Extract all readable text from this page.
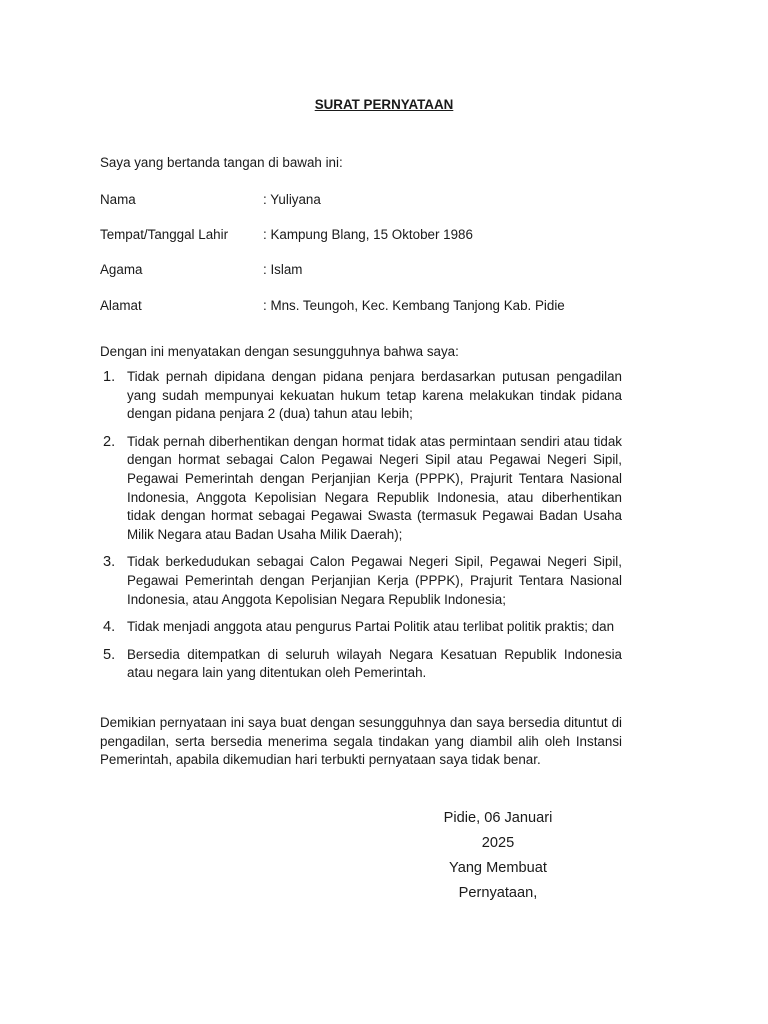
SURAT PERNYATAAN
Saya yang bertanda tangan di bawah ini:
Nama	: Yuliyana
Tempat/Tanggal Lahir	: Kampung Blang, 15 Oktober 1986
Agama	: Islam
Alamat	: Mns. Teungoh, Kec. Kembang Tanjong Kab. Pidie
Dengan ini menyatakan dengan sesungguhnya bahwa saya:
1. Tidak pernah dipidana dengan pidana penjara berdasarkan putusan pengadilan yang sudah mempunyai kekuatan hukum tetap karena melakukan tindak pidana dengan pidana penjara 2 (dua) tahun atau lebih;
2. Tidak pernah diberhentikan dengan hormat tidak atas permintaan sendiri atau tidak dengan hormat sebagai Calon Pegawai Negeri Sipil atau Pegawai Negeri Sipil, Pegawai Pemerintah dengan Perjanjian Kerja (PPPK), Prajurit Tentara Nasional Indonesia, Anggota Kepolisian Negara Republik Indonesia, atau diberhentikan tidak dengan hormat sebagai Pegawai Swasta (termasuk Pegawai Badan Usaha Milik Negara atau Badan Usaha Milik Daerah);
3. Tidak berkedudukan sebagai Calon Pegawai Negeri Sipil, Pegawai Negeri Sipil, Pegawai Pemerintah dengan Perjanjian Kerja (PPPK), Prajurit Tentara Nasional Indonesia, atau Anggota Kepolisian Negara Republik Indonesia;
4. Tidak menjadi anggota atau pengurus Partai Politik atau terlibat politik praktis; dan
5. Bersedia ditempatkan di seluruh wilayah Negara Kesatuan Republik Indonesia atau negara lain yang ditentukan oleh Pemerintah.
Demikian pernyataan ini saya buat dengan sesungguhnya dan saya bersedia dituntut di pengadilan, serta bersedia menerima segala tindakan yang diambil alih oleh Instansi Pemerintah, apabila dikemudian hari terbukti pernyataan saya tidak benar.
Pidie, 06 Januari
2025
Yang Membuat
Pernyataan,
